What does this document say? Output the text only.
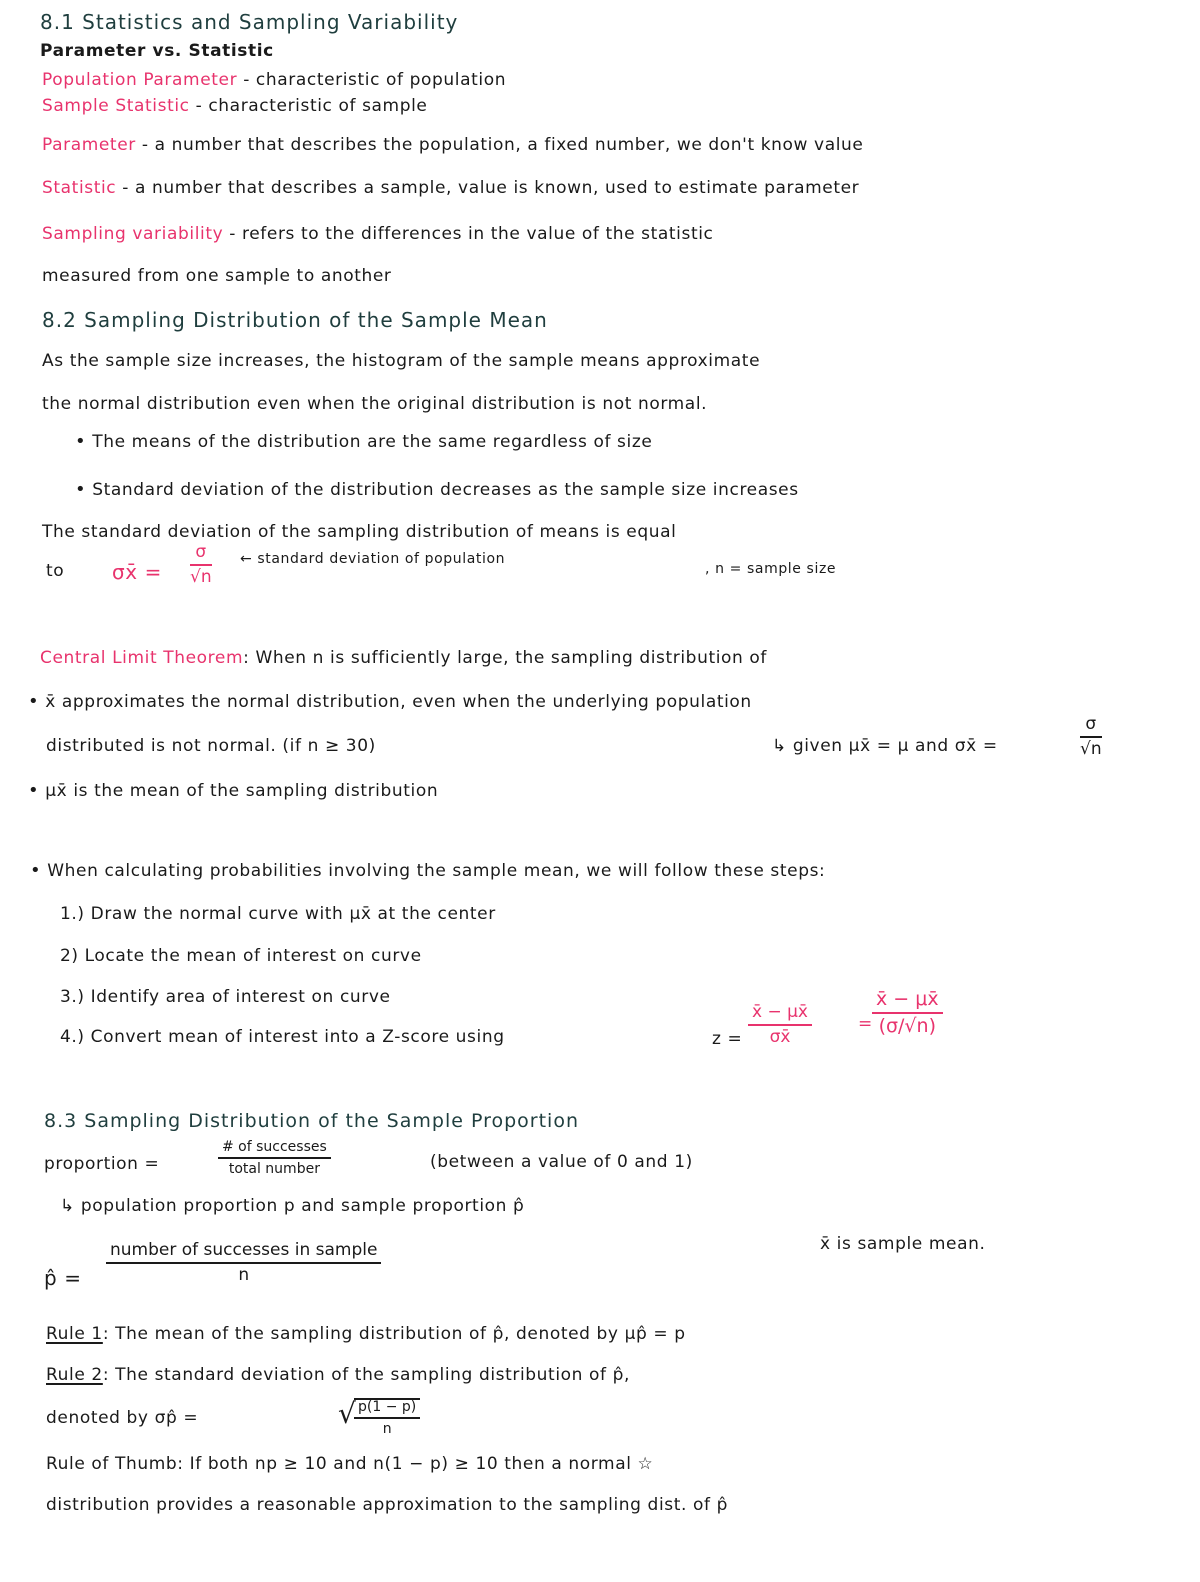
8.1 Statistics and Sampling Variability
Parameter vs. Statistic
Population Parameter - characteristic of population
Sample Statistic - characteristic of sample
Parameter - a number that describes the population, a fixed number, we don't know value
Statistic - a number that describes a sample, value is known, used to estimate parameter
Sampling variability - refers to the differences in the value of the statistic
measured from one sample to another
8.2 Sampling Distribution of the Sample Mean
As the sample size increases, the histogram of the sample means approximate
the normal distribution even when the original distribution is not normal.
• The means of the distribution are the same regardless of size
• Standard deviation of the distribution decreases as the sample size increases
The standard deviation of the sampling distribution of means is equal
to σx̄ = $\frac{\sigma}{√n}$ ← standard deviation of population
, n = sample size
Central Limit Theorem: When n is sufficiently large, the sampling distribution of
• x̄ approximates the normal distribution, even when the underlying population
distributed is not normal. (if n ≥ 30)	↳ given μx̄ = μ and σx̄ =	$\frac{\sigma}{√n}$
• μx̄ is the mean of the sampling distribution
• When calculating probabilities involving the sample mean, we will follow these steps:
1.) Draw the normal curve with μx̄ at the center
2) Locate the mean of interest on curve
3.) Identify area of interest on curve
4.) Convert mean of interest into a Z-score using	$z = \frac{x̄ - \mu x̄}{\sigma x̄}$	= $\frac{x̄ - \mu x̄}{(\sigma/√n)}$
8.3 Sampling Distribution of the Sample Proportion
proportion =
# of successes
total number	(between a value of 0 and 1)
↳ population proportion p and sample proportion p̂
x̄ is sample mean.
p̂ =
number of successes in sample
n
Rule 1: The mean of the sampling distribution of p̂, denoted by μp̂ = p
Rule 2: The standard deviation of the sampling distribution of p̂,
denoted by σp̂ =	√
$\frac{p(1 - p)}{n}$
Rule of Thumb: If both np ≥ 10 and n(1 − p) ≥ 10 then a normal ☆
distribution provides a reasonable approximation to the sampling dist. of p̂
